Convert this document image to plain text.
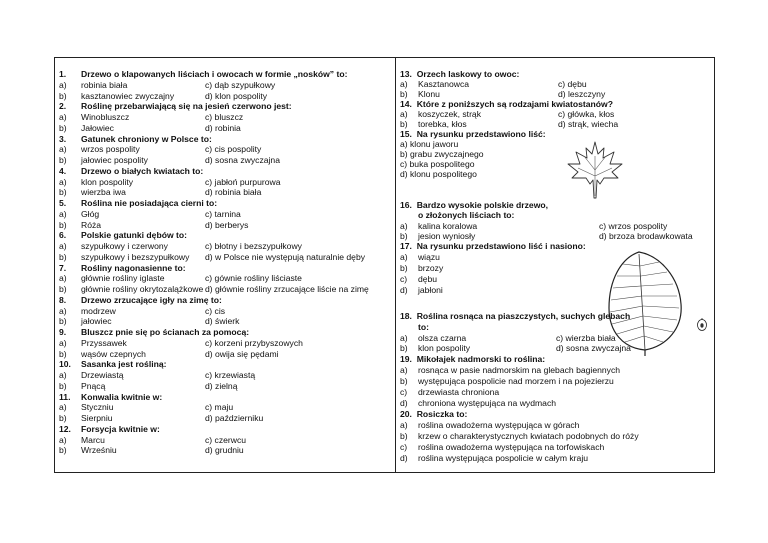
1. Drzewo o klapowanych liściach i owocach w formie „nosków” to:
a) robinia biała	c) dąb szypułkowy
b) kasztanowiec zwyczajny	d) klon pospolity
2. Roślinę przebarwiającą się na jesień czerwono jest:
a) Winobluszcz	c) bluszcz
b) Jałowiec	d) robinia
3. Gatunek chroniony w Polsce to:
a) wrzos pospolity	c) cis pospolity
b) jałowiec pospolity	d) sosna zwyczajna
4. Drzewo o białych kwiatach to:
a) klon pospolity	c) jabłoń purpurowa
b) wierzba iwa	d) robinia biała
5. Roślina nie posiadająca cierni to:
a) Głóg	c) tarnina
b) Róża	d) berberys
6. Polskie gatunki dębów to:
a) szypułkowy i czerwony	c) błotny i bezszypułkowy
b) szypułkowy i bezszypułkowy d) w Polsce nie występują naturalnie dęby
7. Rośliny nagonasienne to:
a) głównie rośliny iglaste	c) gównie rośliny liściaste
b) głównie rośliny okrytozalążkowe d) głównie rośliny zrzucające liście na zimę
8. Drzewo zrzucające igły na zimę to:
a) modrzew	c) cis
b) jałowiec	d) świerk
9. Bluszcz pnie się po ścianach za pomocą:
a) Przyssawek	c) korzeni przybyszowych
b) wąsów czepnych	d) owija się pędami
10. Sasanka jest rośliną:
a) Drzewiastą	c) krzewiastą
b) Pnącą	d) zielną
11. Konwalia kwitnie w:
a) Styczniu	c) maju
b) Sierpniu	d) październiku
12. Forsycja kwitnie w:
a) Marcu	c) czerwcu
b) Wrześniu	d) grudniu
13. Orzech laskowy to owoc:
a) Kasztanowca	c) dębu
b) Klonu	d) leszczyny
14. Które z poniższych są rodzajami kwiatostanów?
a) koszyczek, strąk	c) główka, kłos
b) torebka, kłos	d) strąk, wiecha
15. Na rysunku przedstawiono liść:
a) klonu jaworu
b) grabu zwyczajnego
c) buka pospolitego
d) klonu pospolitego
16. Bardzo wysokie polskie drzewo,
o złożonych liściach to:
a) kalina koralowa	c) wrzos pospolity
b) jesion wyniosły	d) brzoza brodawkowata
17. Na rysunku przedstawiono liść i nasiono:
a) wiązu
b) brzozy
c) dębu
d) jabłoni
18. Roślina rosnąca na piaszczystych, suchych glebach
to:
a) olsza czarna	c) wierzba biała
b) klon pospolity	d) sosna zwyczajna
19. Mikołajek nadmorski to roślina:
a) rosnąca w pasie nadmorskim na glebach bagiennych
b) występująca pospolicie nad morzem i na pojezierzu
c) drzewiasta chroniona
d) chroniona występująca na wydmach
20. Rosiczka to:
a) roślina owadożerna występująca w górach
b) krzew o charakterystycznych kwiatach podobnych do róży
c) roślina owadożerna występująca na torfowiskach
d) roślina występująca pospolicie w całym kraju
